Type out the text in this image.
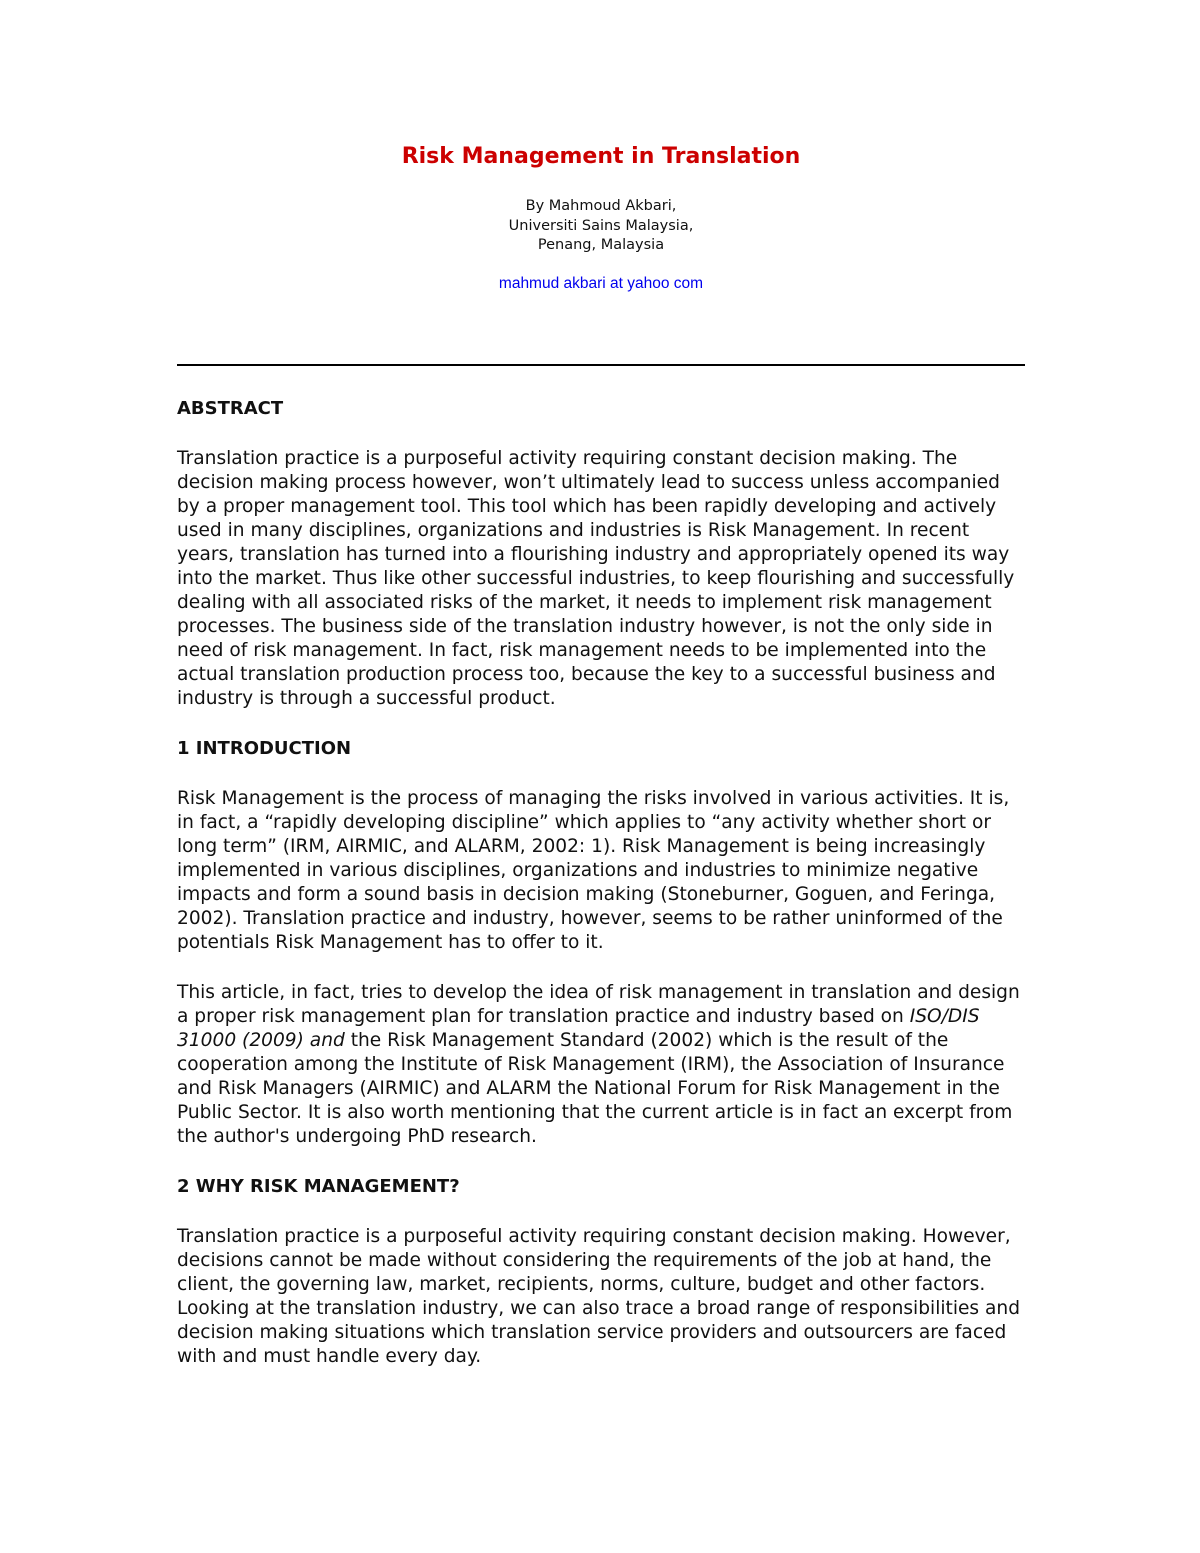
Risk Management in Translation
By Mahmoud Akbari,
Universiti Sains Malaysia,
Penang, Malaysia
mahmud akbari at yahoo com
ABSTRACT

Translation practice is a purposeful activity requiring constant decision making. The decision making process however, won’t ultimately lead to success unless accompanied by a proper management tool. This tool which has been rapidly developing and actively used in many disciplines, organizations and industries is Risk Management. In recent years, translation has turned into a flourishing industry and appropriately opened its way into the market. Thus like other successful industries, to keep flourishing and successfully dealing with all associated risks of the market, it needs to implement risk management processes. The business side of the translation industry however, is not the only side in need of risk management. In fact, risk management needs to be implemented into the actual translation production process too, because the key to a successful business and industry is through a successful product.

1 INTRODUCTION

Risk Management is the process of managing the risks involved in various activities. It is, in fact, a “rapidly developing discipline” which applies to “any activity whether short or long term” (IRM, AIRMIC, and ALARM, 2002: 1). Risk Management is being increasingly implemented in various disciplines, organizations and industries to minimize negative impacts and form a sound basis in decision making (Stoneburner, Goguen, and Feringa, 2002). Translation practice and industry, however, seems to be rather uninformed of the potentials Risk Management has to offer to it.

This article, in fact, tries to develop the idea of risk management in translation and design a proper risk management plan for translation practice and industry based on ISO/DIS 31000 (2009) and the Risk Management Standard (2002) which is the result of the cooperation among the Institute of Risk Management (IRM), the Association of Insurance and Risk Managers (AIRMIC) and ALARM the National Forum for Risk Management in the Public Sector. It is also worth mentioning that the current article is in fact an excerpt from the author's undergoing PhD research.

2 WHY RISK MANAGEMENT?

Translation practice is a purposeful activity requiring constant decision making. However, decisions cannot be made without considering the requirements of the job at hand, the client, the governing law, market, recipients, norms, culture, budget and other factors. Looking at the translation industry, we can also trace a broad range of responsibilities and decision making situations which translation service providers and outsourcers are faced with and must handle every day.
